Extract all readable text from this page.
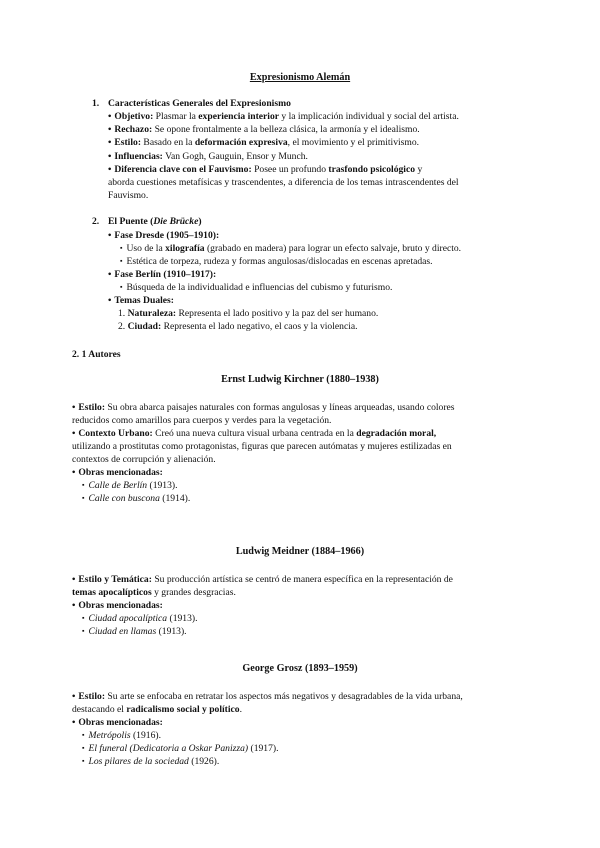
Expresionismo Alemán
1. Características Generales del Expresionismo
• Objetivo: Plasmar la experiencia interior y la implicación individual y social del artista.
• Rechazo: Se opone frontalmente a la belleza clásica, la armonía y el idealismo.
• Estilo: Basado en la deformación expresiva, el movimiento y el primitivismo.
• Influencias: Van Gogh, Gauguin, Ensor y Munch.
• Diferencia clave con el Fauvismo: Posee un profundo trasfondo psicológico y
aborda cuestiones metafísicas y trascendentes, a diferencia de los temas intrascendentes del
Fauvismo.
2. El Puente (Die Brücke)
• Fase Dresde (1905–1910):
▪ Uso de la xilografía (grabado en madera) para lograr un efecto salvaje, bruto y directo.
▪ Estética de torpeza, rudeza y formas angulosas/dislocadas en escenas apretadas.
• Fase Berlín (1910–1917):
▪ Búsqueda de la individualidad e influencias del cubismo y futurismo.
• Temas Duales:
1. Naturaleza: Representa el lado positivo y la paz del ser humano.
2. Ciudad: Representa el lado negativo, el caos y la violencia.
2. 1 Autores
Ernst Ludwig Kirchner (1880–1938)
• Estilo: Su obra abarca paisajes naturales con formas angulosas y líneas arqueadas, usando colores
reducidos como amarillos para cuerpos y verdes para la vegetación.
• Contexto Urbano: Creó una nueva cultura visual urbana centrada en la degradación moral,
utilizando a prostitutas como protagonistas, figuras que parecen autómatas y mujeres estilizadas en
contextos de corrupción y alienación.
• Obras mencionadas:
▪ Calle de Berlín (1913).
▪ Calle con buscona (1914).
Ludwig Meidner (1884–1966)
• Estilo y Temática: Su producción artística se centró de manera específica en la representación de
temas apocalípticos y grandes desgracias.
• Obras mencionadas:
▪ Ciudad apocalíptica (1913).
▪ Ciudad en llamas (1913).
George Grosz (1893–1959)
• Estilo: Su arte se enfocaba en retratar los aspectos más negativos y desagradables de la vida urbana,
destacando el radicalismo social y político.
• Obras mencionadas:
▪ Metrópolis (1916).
▪ El funeral (Dedicatoria a Oskar Panizza) (1917).
▪ Los pilares de la sociedad (1926).
